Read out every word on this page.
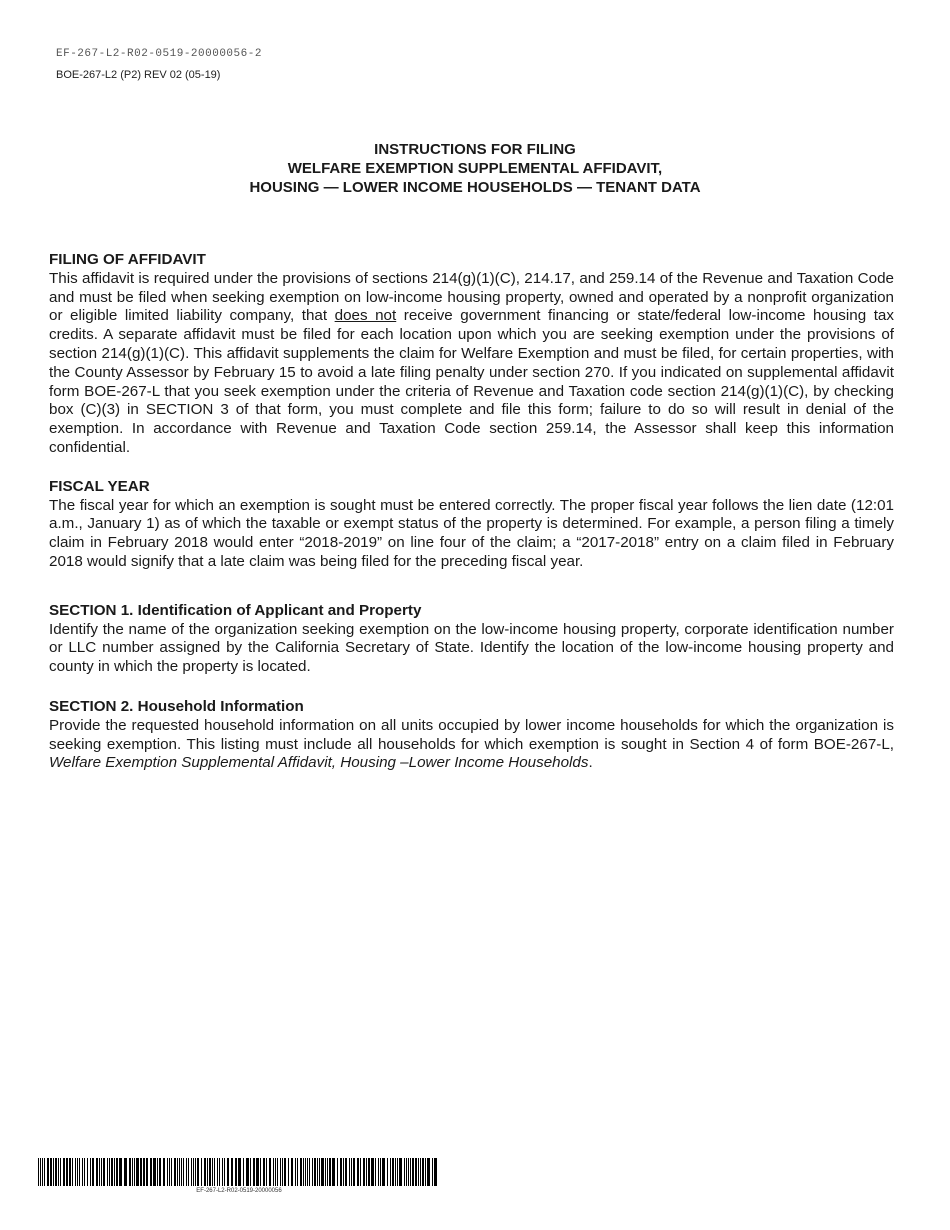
EF-267-L2-R02-0519-20000056-2
BOE-267-L2 (P2) REV 02 (05-19)
INSTRUCTIONS FOR FILING
WELFARE EXEMPTION SUPPLEMENTAL AFFIDAVIT,
HOUSING — LOWER INCOME HOUSEHOLDS — TENANT DATA
FILING OF AFFIDAVIT

This affidavit is required under the provisions of sections 214(g)(1)(C), 214.17, and 259.14 of the Revenue and Taxation Code and must be filed when seeking exemption on low-income housing property, owned and operated by a nonprofit organization or eligible limited liability company, that does not receive government financing or state/federal low-income housing tax credits. A separate affidavit must be filed for each location upon which you are seeking exemption under the provisions of section 214(g)(1)(C). This affidavit supplements the claim for Welfare Exemption and must be filed, for certain properties, with the County Assessor by February 15 to avoid a late filing penalty under section 270. If you indicated on supplemental affidavit form BOE-267-L that you seek exemption under the criteria of Revenue and Taxation code section 214(g)(1)(C), by checking box (C)(3) in SECTION 3 of that form, you must complete and file this form; failure to do so will result in denial of the exemption. In accordance with Revenue and Taxation Code section 259.14, the Assessor shall keep this information confidential.

FISCAL YEAR

The fiscal year for which an exemption is sought must be entered correctly. The proper fiscal year follows the lien date (12:01 a.m., January 1) as of which the taxable or exempt status of the property is determined. For example, a person filing a timely claim in February 2018 would enter “2018-2019” on line four of the claim; a “2017-2018” entry on a claim filed in February 2018 would signify that a late claim was being filed for the preceding fiscal year.

SECTION 1. Identification of Applicant and Property

Identify the name of the organization seeking exemption on the low-income housing property, corporate identification number or LLC number assigned by the California Secretary of State. Identify the location of the low-income housing property and county in which the property is located.

SECTION 2. Household Information

Provide the requested household information on all units occupied by lower income households for which the organization is seeking exemption. This listing must include all households for which exemption is sought in Section 4 of form BOE-267-L, Welfare Exemption Supplemental Affidavit, Housing –Lower Income Households.

EF-267-L2-R02-0519-20000056
